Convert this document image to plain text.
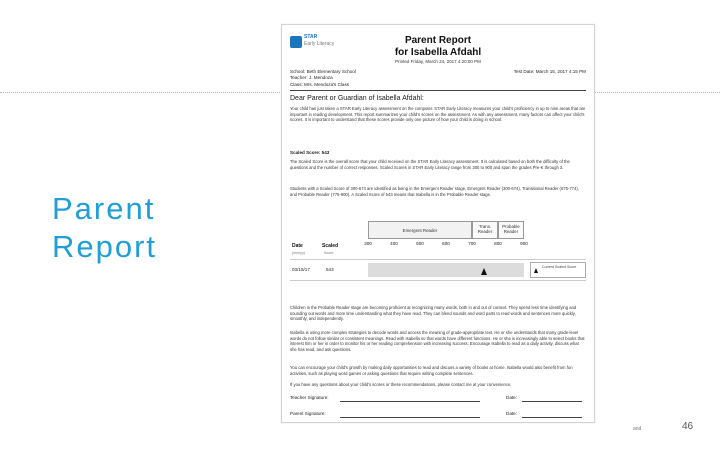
Parent
Report
STAR
Early Literacy	Parent Report
for Isabella Afdahl
Printed Friday, March 24, 2017 4:20:00 PM
School: Beth Elementary School
Teacher: J. Mendoza
Class: Mrs. Mendoza's Class
Test Date: March 15, 2017 4:15 PM
Dear Parent or Guardian of Isabella Afdahl:
Your child has just taken a STAR Early Literacy assessment on the computer. STAR Early Literacy measures your child's proficiency in up to nine areas that are important in reading development. This report summarizes your child's scores on the assessment. As with any assessment, many factors can affect your child's scores. It is important to understand that these scores provide only one picture of how your child is doing in school.
Scaled Score: 543
The Scaled Score is the overall score that your child received on the STAR Early Literacy assessment. It is calculated based on both the difficulty of the questions and the number of correct responses. Scaled Scores in STAR Early Literacy range from 300 to 900 and span the grades Pre-K through 3.
Students with a Scaled Score of 300-674 are identified as being in the Emergent Reader stage, Emergent Reader (300-674), Transitional Reader (675-774), and Probable Reader (775-900). A Scaled Score of 543 means that Isabella is in the Probable Reader stage.
Emergent Reader
Trans. Reader
Probable Reader
Date
(mm/yy)
Scaled
Score
300	400	500	600	700	800	900
03/15/17	543	Current Scaled Score
Children in the Probable Reader stage are becoming proficient at recognizing many words, both in and out of context. They spend less time identifying and sounding out words and more time understanding what they have read. They can blend sounds and word parts to read words and sentences more quickly, smoothly, and independently.
Isabella is using more complex strategies to decode words and access the meaning of grade-appropriate text. He or she understands that many grade-level words do not follow similar or consistent meanings. Read with Isabella so that words have different functions. He or she is increasingly able to select books that interest him or her in order to monitor his or her reading comprehension with increasing success. Encourage Isabella to read as a daily activity, discuss what she has read, and ask questions.
You can encourage your child's growth by making daily opportunities to read and discuss a variety of books at home. Isabella would also benefit from fun activities, such as playing word games or asking questions that require writing complete sentences.
If you have any questions about your child's scores or these recommendations, please contact me at your convenience.
Teacher Signature:	Date:
Parent Signature:	Date:
and.	46
